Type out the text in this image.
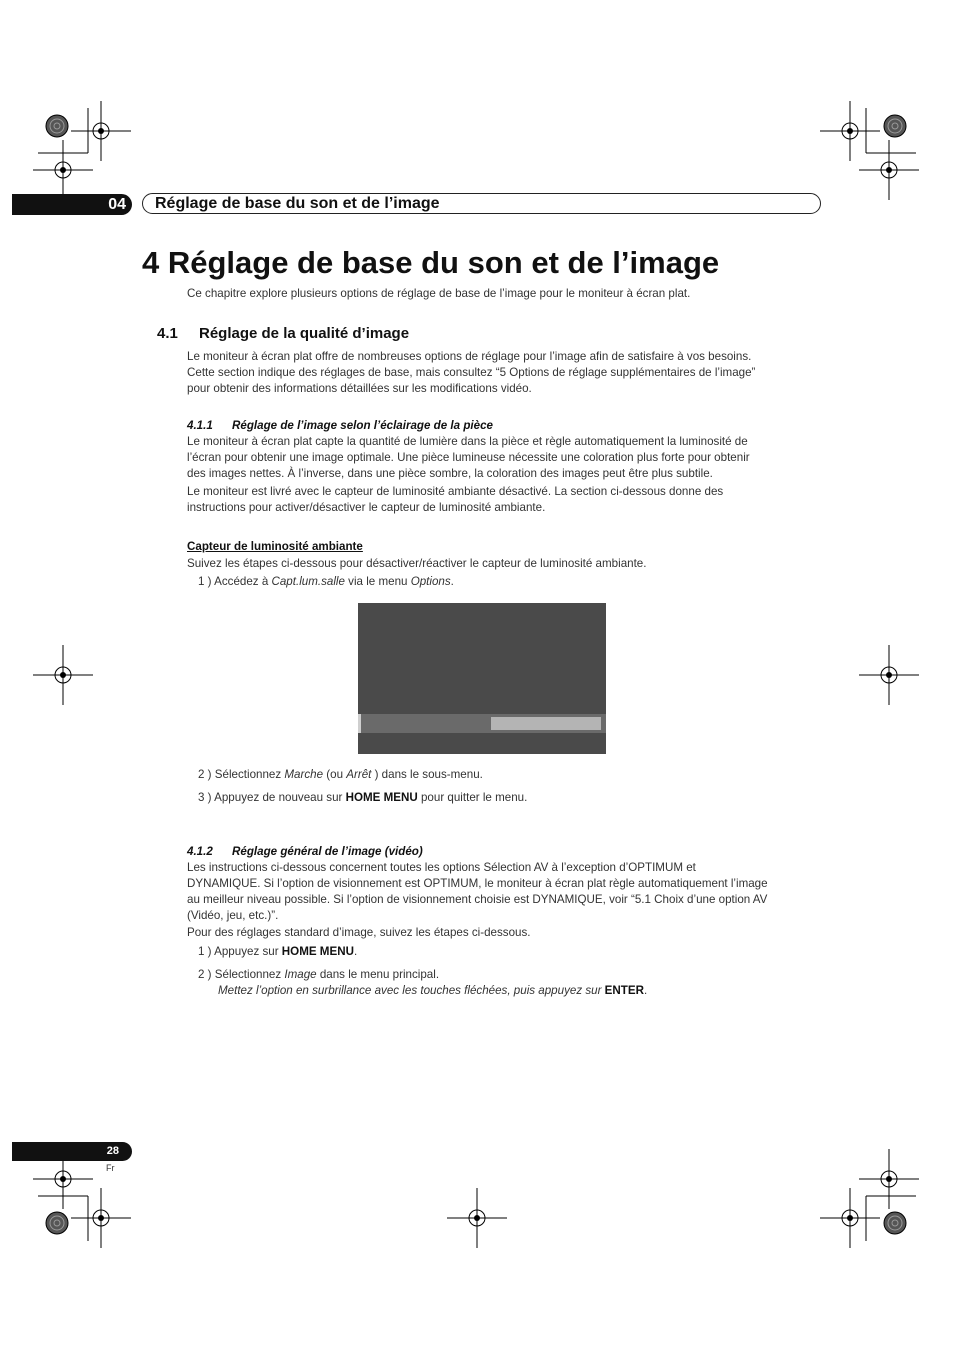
04	Réglage de base du son et de l’image
4 Réglage de base du son et de l’image
Ce chapitre explore plusieurs options de réglage de base de l’image pour le moniteur à écran plat.
4.1 Réglage de la qualité d’image
Le moniteur à écran plat offre de nombreuses options de réglage pour l’image afin de satisfaire à vos besoins.
Cette section indique des réglages de base, mais consultez “5 Options de réglage supplémentaires de l’image”
pour obtenir des informations détaillées sur les modifications vidéo.
4.1.1 Réglage de l’image selon l’éclairage de la pièce
Le moniteur à écran plat capte la quantité de lumière dans la pièce et règle automatiquement la luminosité de
l’écran pour obtenir une image optimale. Une pièce lumineuse nécessite une coloration plus forte pour obtenir
des images nettes. À l’inverse, dans une pièce sombre, la coloration des images peut être plus subtile.
Le moniteur est livré avec le capteur de luminosité ambiante désactivé. La section ci-dessous donne des
instructions pour activer/désactiver le capteur de luminosité ambiante.
Capteur de luminosité ambiante
Suivez les étapes ci-dessous pour désactiver/réactiver le capteur de luminosité ambiante.
1 ) Accédez à Capt.lum.salle via le menu Options.
2 ) Sélectionnez Marche (ou Arrêt ) dans le sous-menu.
3 ) Appuyez de nouveau sur HOME MENU pour quitter le menu.
4.1.2 Réglage général de l’image (vidéo)
Les instructions ci-dessous concernent toutes les options Sélection AV à l’exception d’OPTIMUM et
DYNAMIQUE. Si l’option de visionnement est OPTIMUM, le moniteur à écran plat règle automatiquement l’image
au meilleur niveau possible. Si l’option de visionnement choisie est DYNAMIQUE, voir “5.1 Choix d’une option AV
(Vidéo, jeu, etc.)”.
Pour des réglages standard d’image, suivez les étapes ci-dessous.
1 ) Appuyez sur HOME MENU.
2 ) Sélectionnez Image dans le menu principal.
Mettez l’option en surbrillance avec les touches fléchées, puis appuyez sur ENTER.
28
Fr
